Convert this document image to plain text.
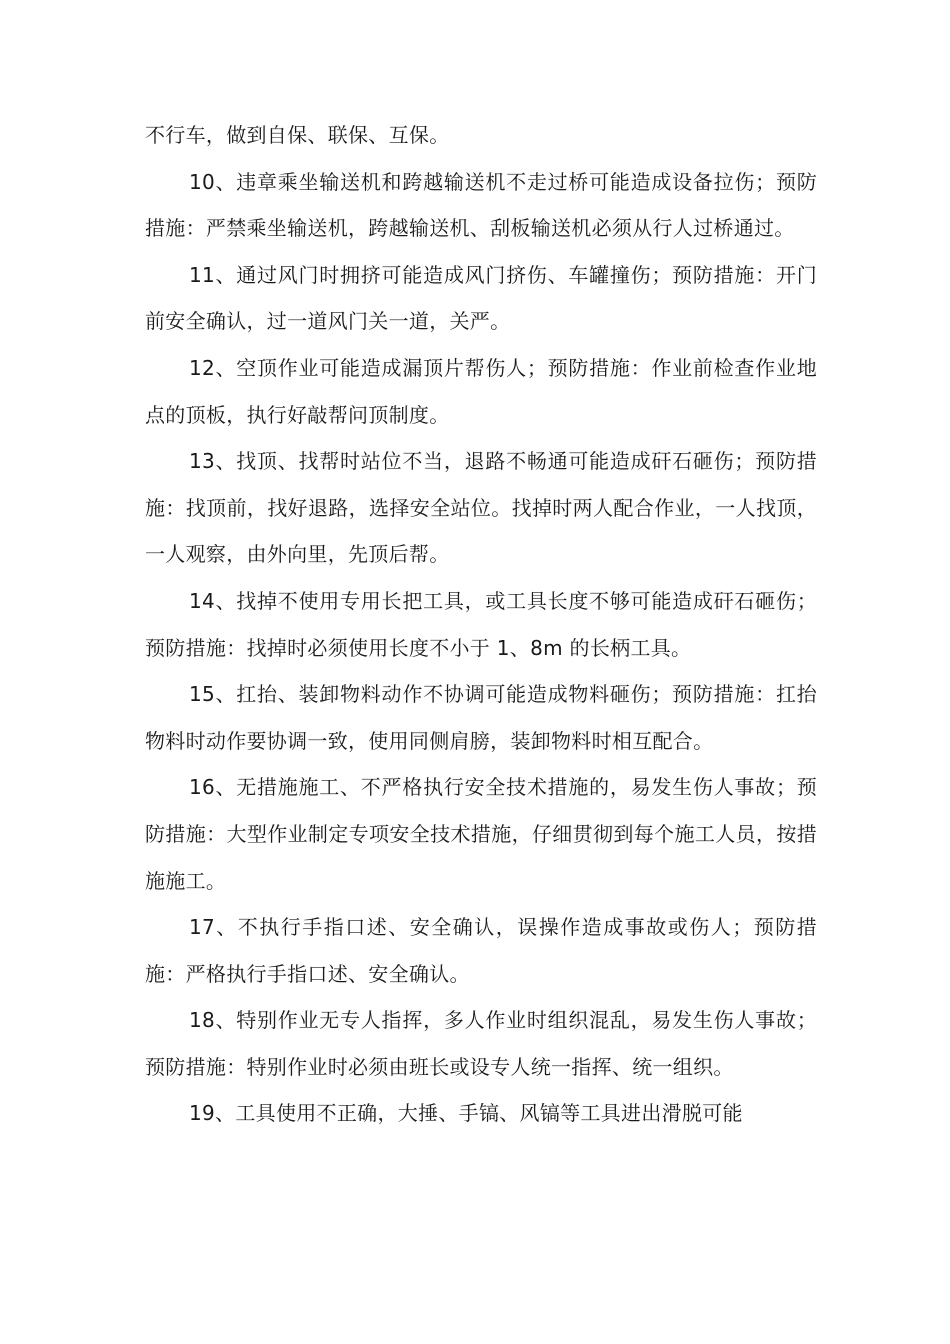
不行车，做到自保、联保、互保。

10、违章乘坐输送机和跨越输送机不走过桥可能造成设备拉伤；预防措施：严禁乘坐输送机，跨越输送机、刮板输送机必须从行人过桥通过。

11、通过风门时拥挤可能造成风门挤伤、车罐撞伤；预防措施：开门前安全确认，过一道风门关一道，关严。

12、空顶作业可能造成漏顶片帮伤人；预防措施：作业前检查作业地点的顶板，执行好敲帮问顶制度。

13、找顶、找帮时站位不当，退路不畅通可能造成矸石砸伤；预防措施：找顶前，找好退路，选择安全站位。找掉时两人配合作业，一人找顶，一人观察，由外向里，先顶后帮。

14、找掉不使用专用长把工具，或工具长度不够可能造成矸石砸伤；预防措施：找掉时必须使用长度不小于 1、8m 的长柄工具。

15、扛抬、装卸物料动作不协调可能造成物料砸伤；预防措施：扛抬物料时动作要协调一致，使用同侧肩膀，装卸物料时相互配合。

16、无措施施工、不严格执行安全技术措施的，易发生伤人事故；预防措施：大型作业制定专项安全技术措施，仔细贯彻到每个施工人员，按措施施工。

17、不执行手指口述、安全确认，误操作造成事故或伤人；预防措施：严格执行手指口述、安全确认。

18、特别作业无专人指挥，多人作业时组织混乱，易发生伤人事故；预防措施：特别作业时必须由班长或设专人统一指挥、统一组织。

19、工具使用不正确，大捶、手镐、风镐等工具进出滑脱可能
